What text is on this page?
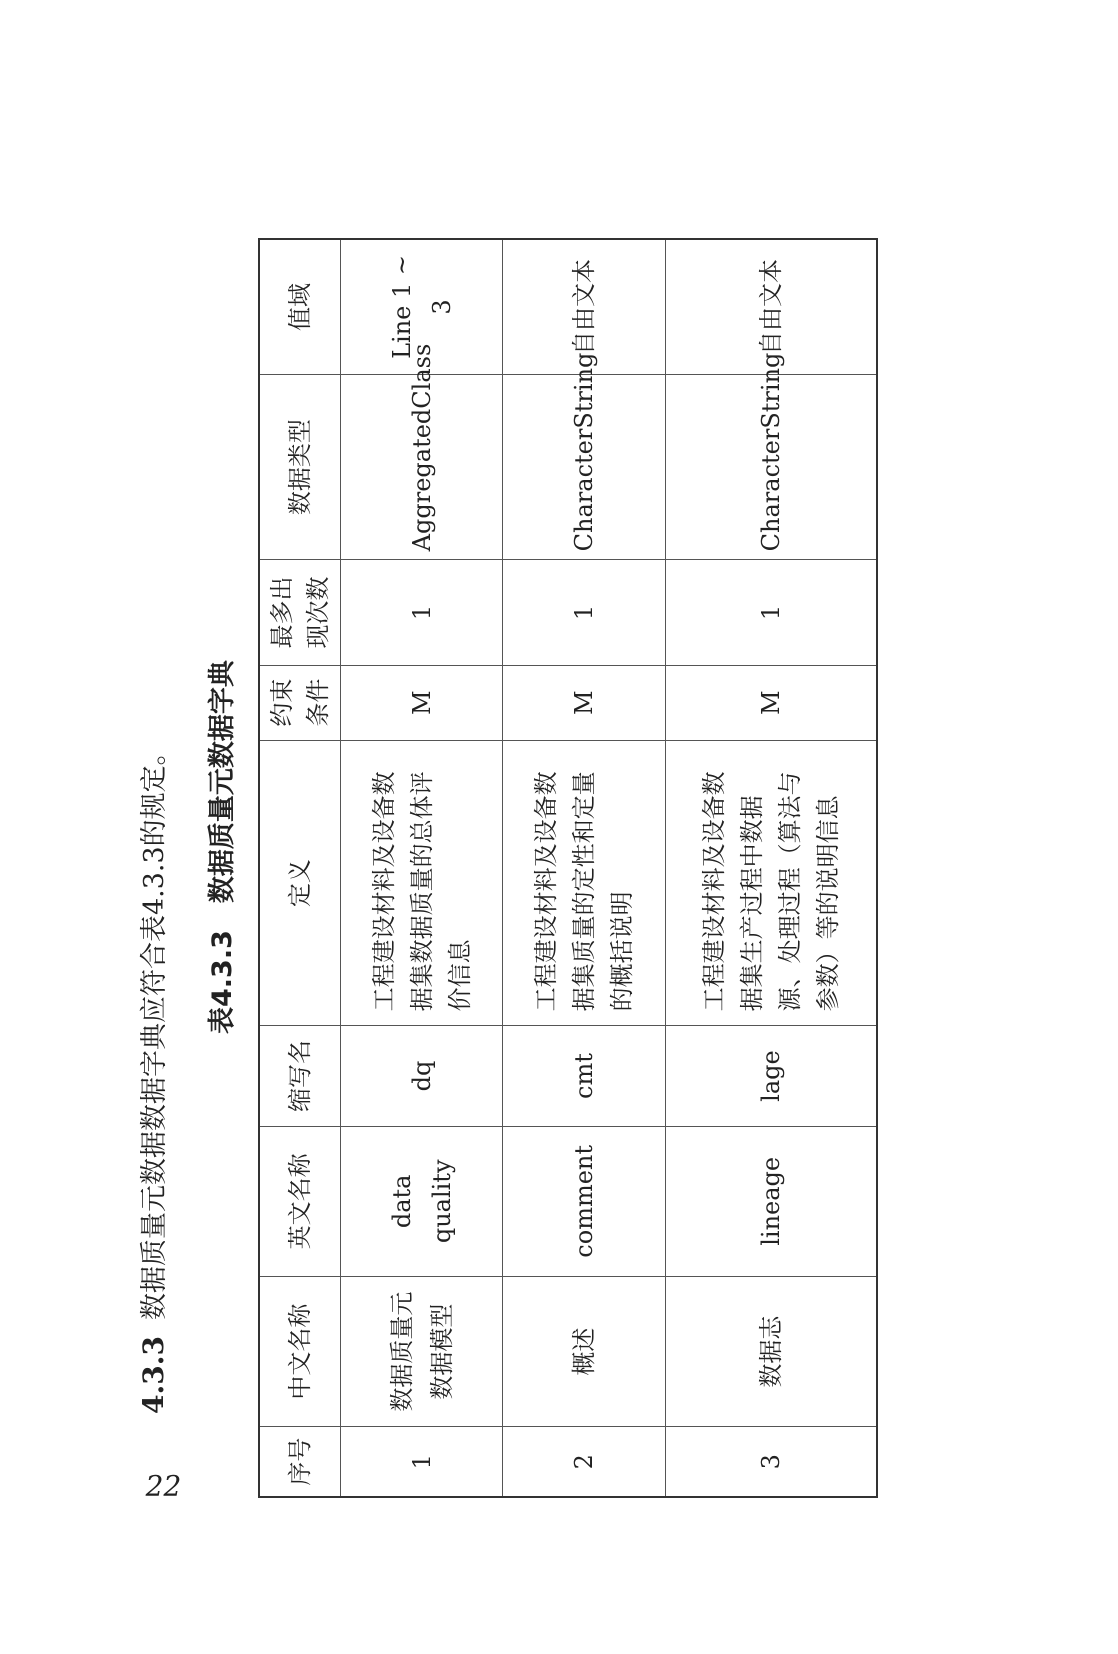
22
4.3.3数据质量元数据数据字典应符合表4.3.3的规定。 表4.3.3　数据质量元数据字典
序号	中文名称	英文名称	缩写名	定义	约束条件	最多出现次数	数据类型	值域
1	数据质量元数据模型	data quality	dq	工程建设材料及设备数据集数据质量的总体评价信息	M	1	AggregatedClass	Line 1 ~ 3
2	概述	comment	cmt	工程建设材料及设备数据集质量的定性和定量的概括说明	M	1	CharacterString	自由文本
3	数据志	lineage	lage	工程建设材料及设备数据集生产过程中数据源、处理过程（算法与参数）等的说明信息	M	1	CharacterString	自由文本
